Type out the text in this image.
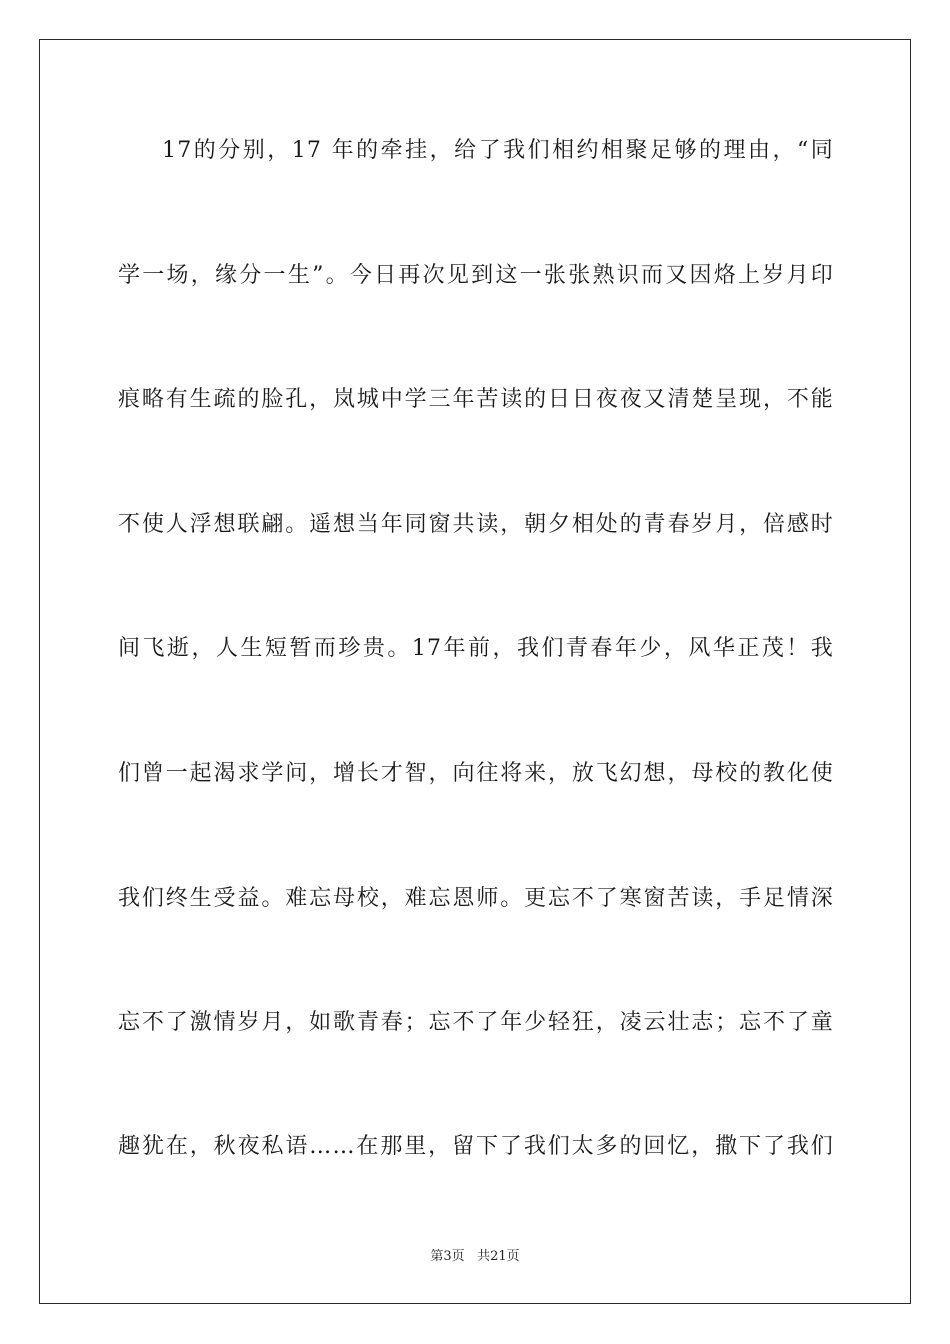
17的分别，17 年的牵挂，给了我们相约相聚足够的理由，“同
学一场，缘分一生”。今日再次见到这一张张熟识而又因烙上岁月印
痕略有生疏的脸孔，岚城中学三年苦读的日日夜夜又清楚呈现，不能
不使人浮想联翩。遥想当年同窗共读，朝夕相处的青春岁月，倍感时
间飞逝，人生短暂而珍贵。17年前，我们青春年少，风华正茂！我
们曾一起渴求学问，增长才智，向往将来，放飞幻想，母校的教化使
我们终生受益。难忘母校，难忘恩师。更忘不了寒窗苦读，手足情深
忘不了激情岁月，如歌青春；忘不了年少轻狂，凌云壮志；忘不了童
趣犹在，秋夜私语……在那里，留下了我们太多的回忆，撒下了我们
第3页 共21页
